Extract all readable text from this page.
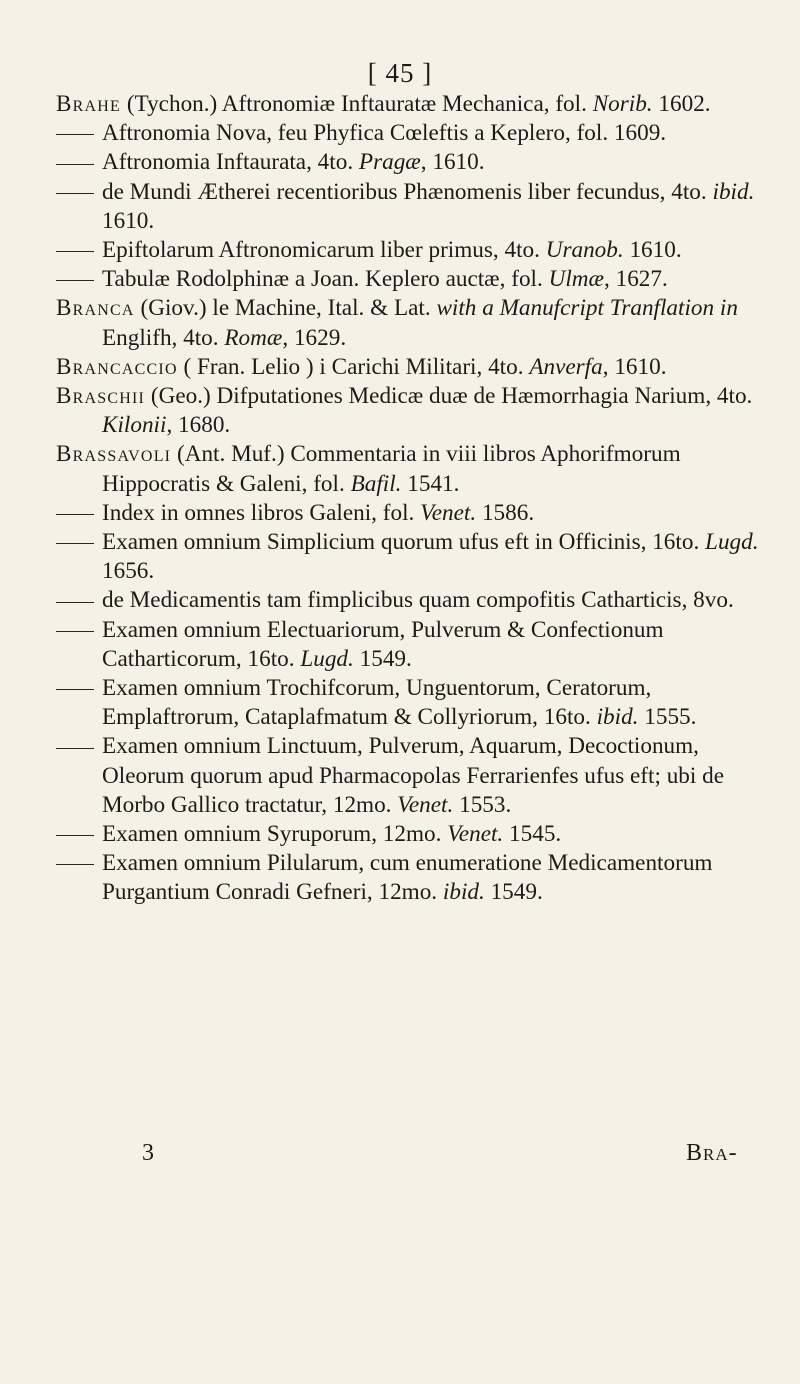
[ 45 ]

Brahe (Tychon.) Aftronomiæ Inftauratæ Mechanica, fol. Norib. 1602.

Aftronomia Nova, feu Phyfica Cœleftis a Keplero, fol. 1609.

Aftronomia Inftaurata, 4to. Pragæ, 1610.

de Mundi Ætherei recentioribus Phænomenis liber fecundus, 4to. ibid. 1610.

Epiftolarum Aftronomicarum liber primus, 4to. Uranob. 1610.

Tabulæ Rodolphinæ a Joan. Keplero auctæ, fol. Ulmæ, 1627.

Branca (Giov.) le Machine, Ital. & Lat. with a Manufcript Tranflation in Englifh, 4to. Romæ, 1629.

Brancaccio ( Fran. Lelio ) i Carichi Militari, 4to. Anverfa, 1610.

Braschii (Geo.) Difputationes Medicæ duæ de Hæmorrhagia Narium, 4to. Kilonii, 1680.

Brassavoli (Ant. Muf.) Commentaria in viii libros Aphorifmorum Hippocratis & Galeni, fol. Bafil. 1541.

Index in omnes libros Galeni, fol. Venet. 1586.

Examen omnium Simplicium quorum ufus eft in Officinis, 16to. Lugd. 1656.

de Medicamentis tam fimplicibus quam compofitis Catharticis, 8vo.

Examen omnium Electuariorum, Pulverum & Confectionum Catharticorum, 16to. Lugd. 1549.

Examen omnium Trochifcorum, Unguentorum, Ceratorum, Emplaftrorum, Cataplafmatum & Collyriorum, 16to. ibid. 1555.

Examen omnium Linctuum, Pulverum, Aquarum, Decoctionum, Oleorum quorum apud Pharmacopolas Ferrarienfes ufus eft; ubi de Morbo Gallico tractatur, 12mo. Venet. 1553.

Examen omnium Syruporum, 12mo. Venet. 1545.

Examen omnium Pilularum, cum enumeratione Medicamentorum Purgantium Conradi Gefneri, 12mo. ibid. 1549.

3	Bra-
